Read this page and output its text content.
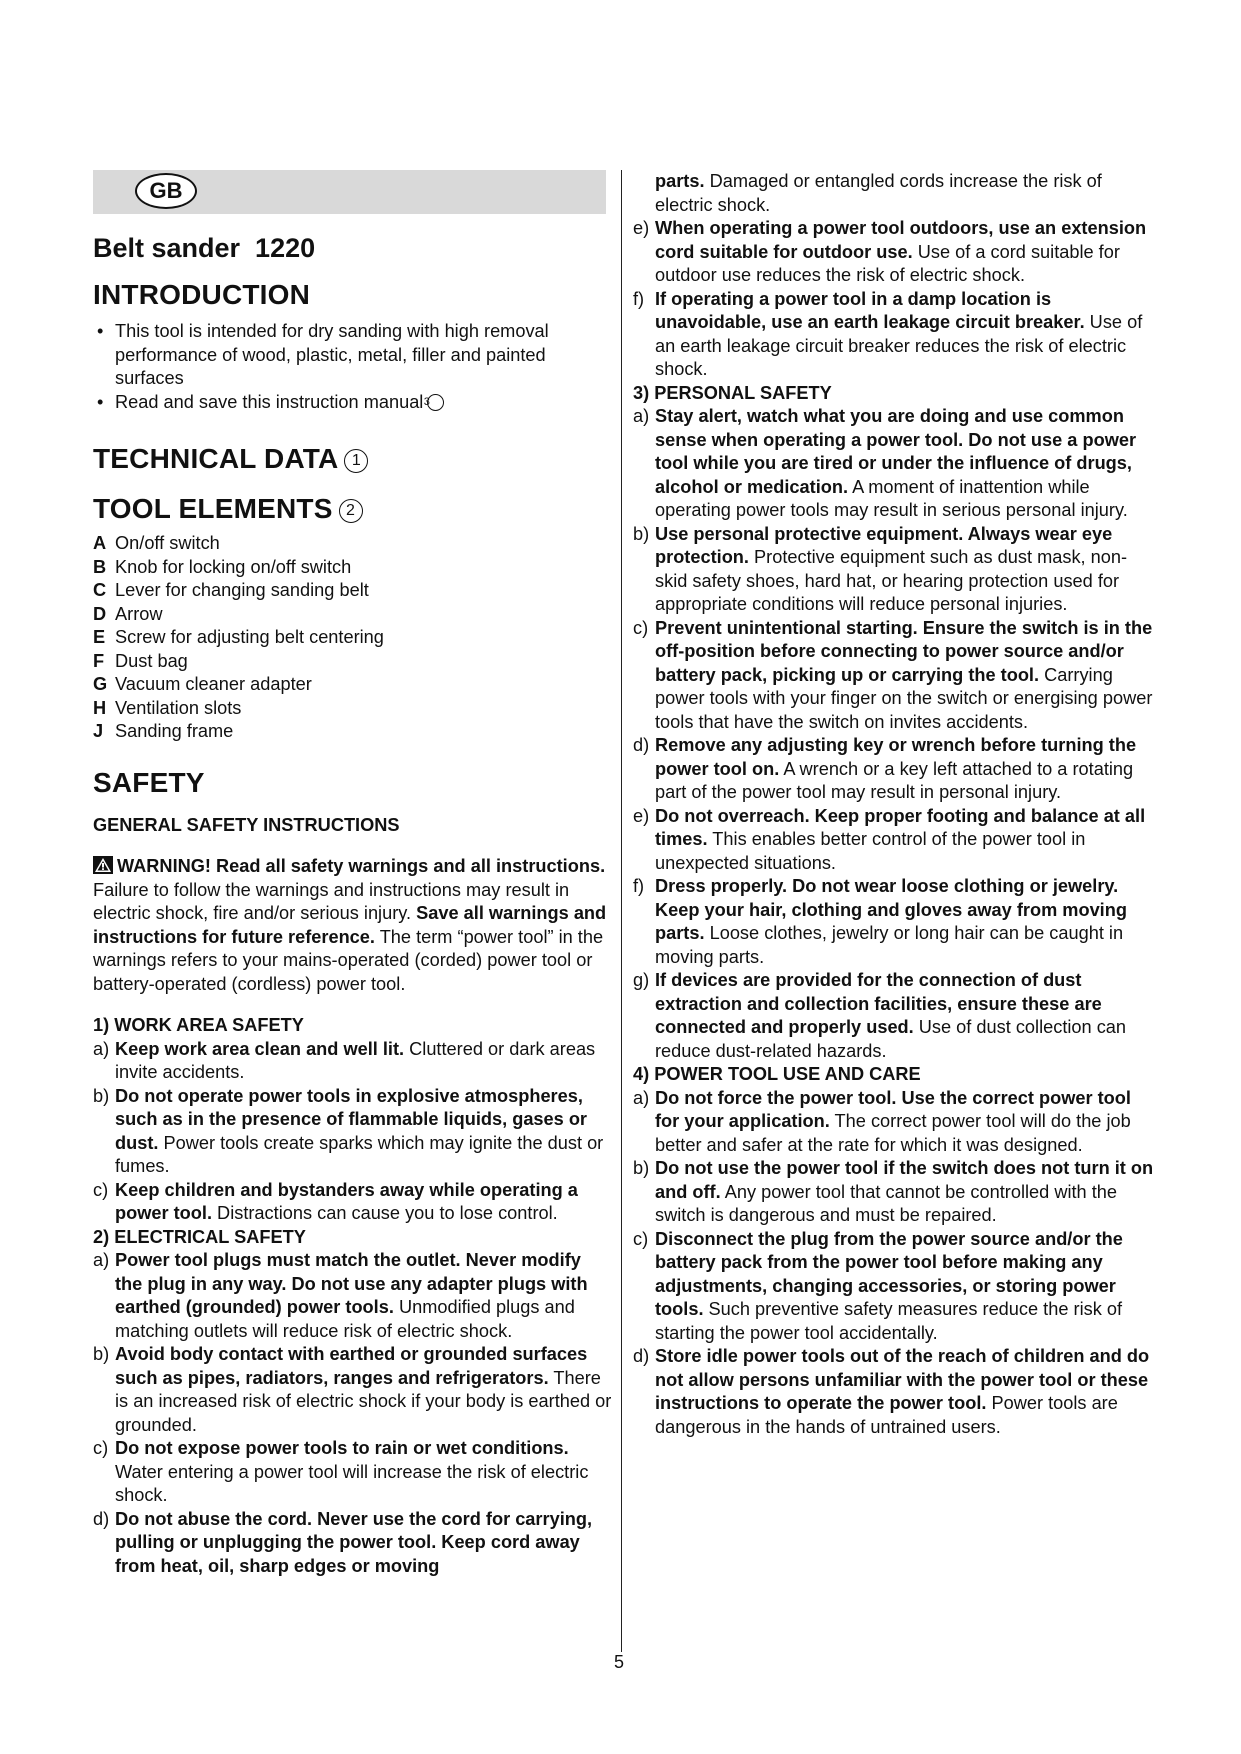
GB
Belt sander  1220
INTRODUCTION
• This tool is intended for dry sanding with high removal performance of wood, plastic, metal, filler and painted surfaces
• Read and save this instruction manual3
TECHNICAL DATA 1
TOOL ELEMENTS 2
A On/off switch
B Knob for locking on/off switch
C Lever for changing sanding belt
D Arrow
E Screw for adjusting belt centering
F Dust bag
G Vacuum cleaner adapter
H Ventilation slots
J Sanding frame
SAFETY
GENERAL SAFETY INSTRUCTIONS

WARNING! Read all safety warnings and all instructions. Failure to follow the warnings and instructions may result in electric shock, fire and/or serious injury. Save all warnings and instructions for future reference. The term “power tool” in the warnings refers to your mains-operated (corded) power tool or battery-operated (cordless) power tool.

1) WORK AREA SAFETY

a) Keep work area clean and well lit. Cluttered or dark areas invite accidents.

b) Do not operate power tools in explosive atmospheres, such as in the presence of flammable liquids, gases or dust. Power tools create sparks which may ignite the dust or fumes.

c) Keep children and bystanders away while operating a power tool. Distractions can cause you to lose control.

2) ELECTRICAL SAFETY

a) Power tool plugs must match the outlet. Never modify the plug in any way. Do not use any adapter plugs with earthed (grounded) power tools. Unmodified plugs and matching outlets will reduce risk of electric shock.

b) Avoid body contact with earthed or grounded surfaces such as pipes, radiators, ranges and refrigerators. There is an increased risk of electric shock if your body is earthed or grounded.

c) Do not expose power tools to rain or wet conditions. Water entering a power tool will increase the risk of electric shock.

d) Do not abuse the cord. Never use the cord for carrying, pulling or unplugging the power tool. Keep cord away from heat, oil, sharp edges or moving

parts. Damaged or entangled cords increase the risk of electric shock.

e) When operating a power tool outdoors, use an extension cord suitable for outdoor use. Use of a cord suitable for outdoor use reduces the risk of electric shock.

f) If operating a power tool in a damp location is unavoidable, use an earth leakage circuit breaker. Use of an earth leakage circuit breaker reduces the risk of electric shock.

3) PERSONAL SAFETY

a) Stay alert, watch what you are doing and use common sense when operating a power tool. Do not use a power tool while you are tired or under the influence of drugs, alcohol or medication. A moment of inattention while operating power tools may result in serious personal injury.

b) Use personal protective equipment. Always wear eye protection. Protective equipment such as dust mask, non-skid safety shoes, hard hat, or hearing protection used for appropriate conditions will reduce personal injuries.

c) Prevent unintentional starting. Ensure the switch is in the off-position before connecting to power source and/or battery pack, picking up or carrying the tool. Carrying power tools with your finger on the switch or energising power tools that have the switch on invites accidents.

d) Remove any adjusting key or wrench before turning the power tool on. A wrench or a key left attached to a rotating part of the power tool may result in personal injury.

e) Do not overreach. Keep proper footing and balance at all times. This enables better control of the power tool in unexpected situations.

f) Dress properly. Do not wear loose clothing or jewelry. Keep your hair, clothing and gloves away from moving parts. Loose clothes, jewelry or long hair can be caught in moving parts.

g) If devices are provided for the connection of dust extraction and collection facilities, ensure these are connected and properly used. Use of dust collection can reduce dust-related hazards.

4) POWER TOOL USE AND CARE

a) Do not force the power tool. Use the correct power tool for your application. The correct power tool will do the job better and safer at the rate for which it was designed.

b) Do not use the power tool if the switch does not turn it on and off. Any power tool that cannot be controlled with the switch is dangerous and must be repaired.

c) Disconnect the plug from the power source and/or the battery pack from the power tool before making any adjustments, changing accessories, or storing power tools. Such preventive safety measures reduce the risk of starting the power tool accidentally.

d) Store idle power tools out of the reach of children and do not allow persons unfamiliar with the power tool or these instructions to operate the power tool. Power tools are dangerous in the hands of untrained users.

5
